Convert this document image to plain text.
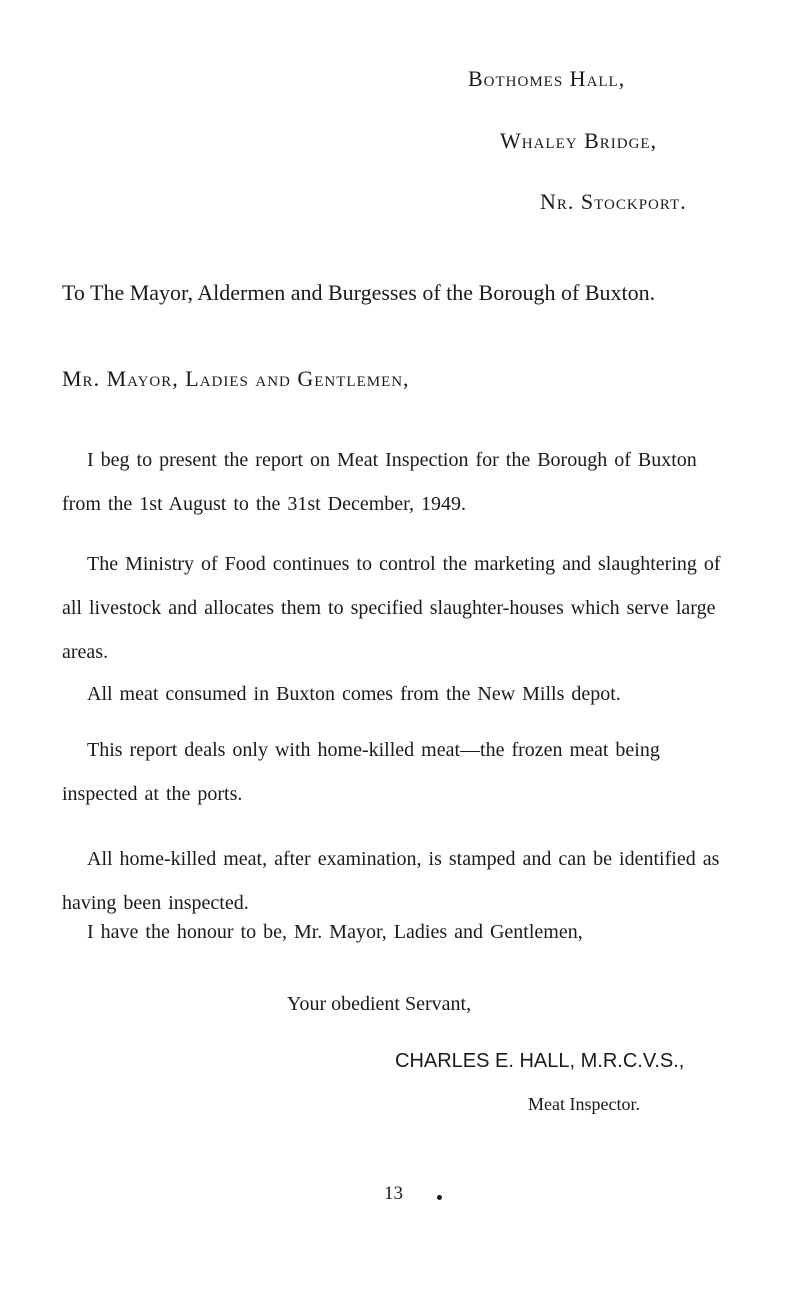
Bothomes Hall,
Whaley Bridge,
Nr. Stockport.
To The Mayor, Aldermen and Burgesses of the Borough of Buxton.
Mr. Mayor, Ladies and Gentlemen,
I beg to present the report on Meat Inspection for the Borough of Buxton from the 1st August to the 31st December, 1949.
The Ministry of Food continues to control the marketing and slaughtering of all livestock and allocates them to specified slaughter-houses which serve large areas.
All meat consumed in Buxton comes from the New Mills depot.
This report deals only with home-killed meat—the frozen meat being inspected at the ports.
All home-killed meat, after examination, is stamped and can be identified as having been inspected.
I have the honour to be, Mr. Mayor, Ladies and Gentlemen,
Your obedient Servant,
CHARLES E. HALL, M.R.C.V.S.,
Meat Inspector.
13
